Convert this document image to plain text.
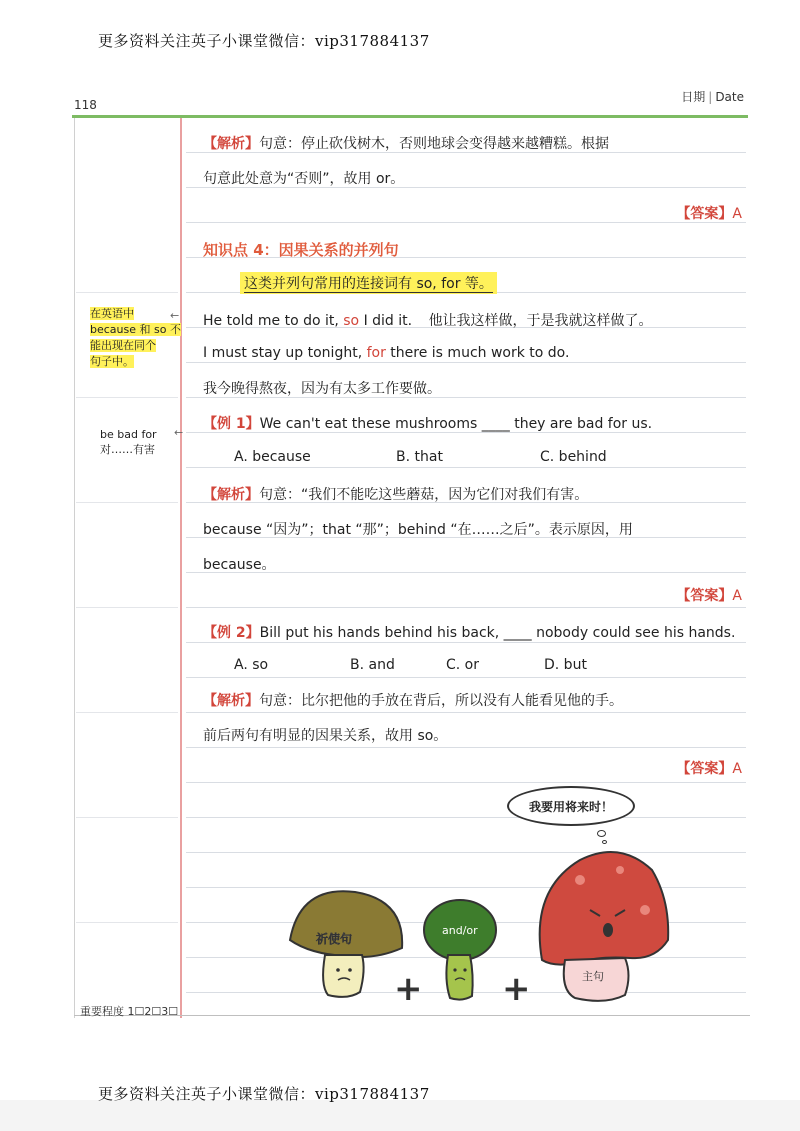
更多资料关注英子小课堂微信：vip317884137
118
日期 | Date
【解析】句意：停止砍伐树木，否则地球会变得越来越糟糕。根据
句意此处意为“否则”，故用 or。
【答案】A
知识点 4：因果关系的并列句
这类并列句常用的连接词有 so, for 等。
He told me to do it, so I did it. 他让我这样做，于是我就这样做了。
I must stay up tonight, for there is much work to do.
我今晚得熬夜，因为有太多工作要做。
在英语中
because 和 so 不
能出现在同个
句子中。
←
be bad for
对……有害
←
【例 1】We can't eat these mushrooms ____ they are bad for us.
A. because	B. that	C. behind
【解析】句意：“我们不能吃这些蘑菇，因为它们对我们有害。
because “因为”；that “那”；behind “在……之后”。表示原因，用
because。
【答案】A
【例 2】Bill put his hands behind his back, ____ nobody could see his hands.
A. so	B. and	C. or	D. but
【解析】句意：比尔把他的手放在背后，所以没有人能看见他的手。
前后两句有明显的因果关系，故用 so。
【答案】A
我要用将来时！
祈使句
+
and/or
+	主句
重要程度 1☐2☐3☐
更多资料关注英子小课堂微信：vip317884137
